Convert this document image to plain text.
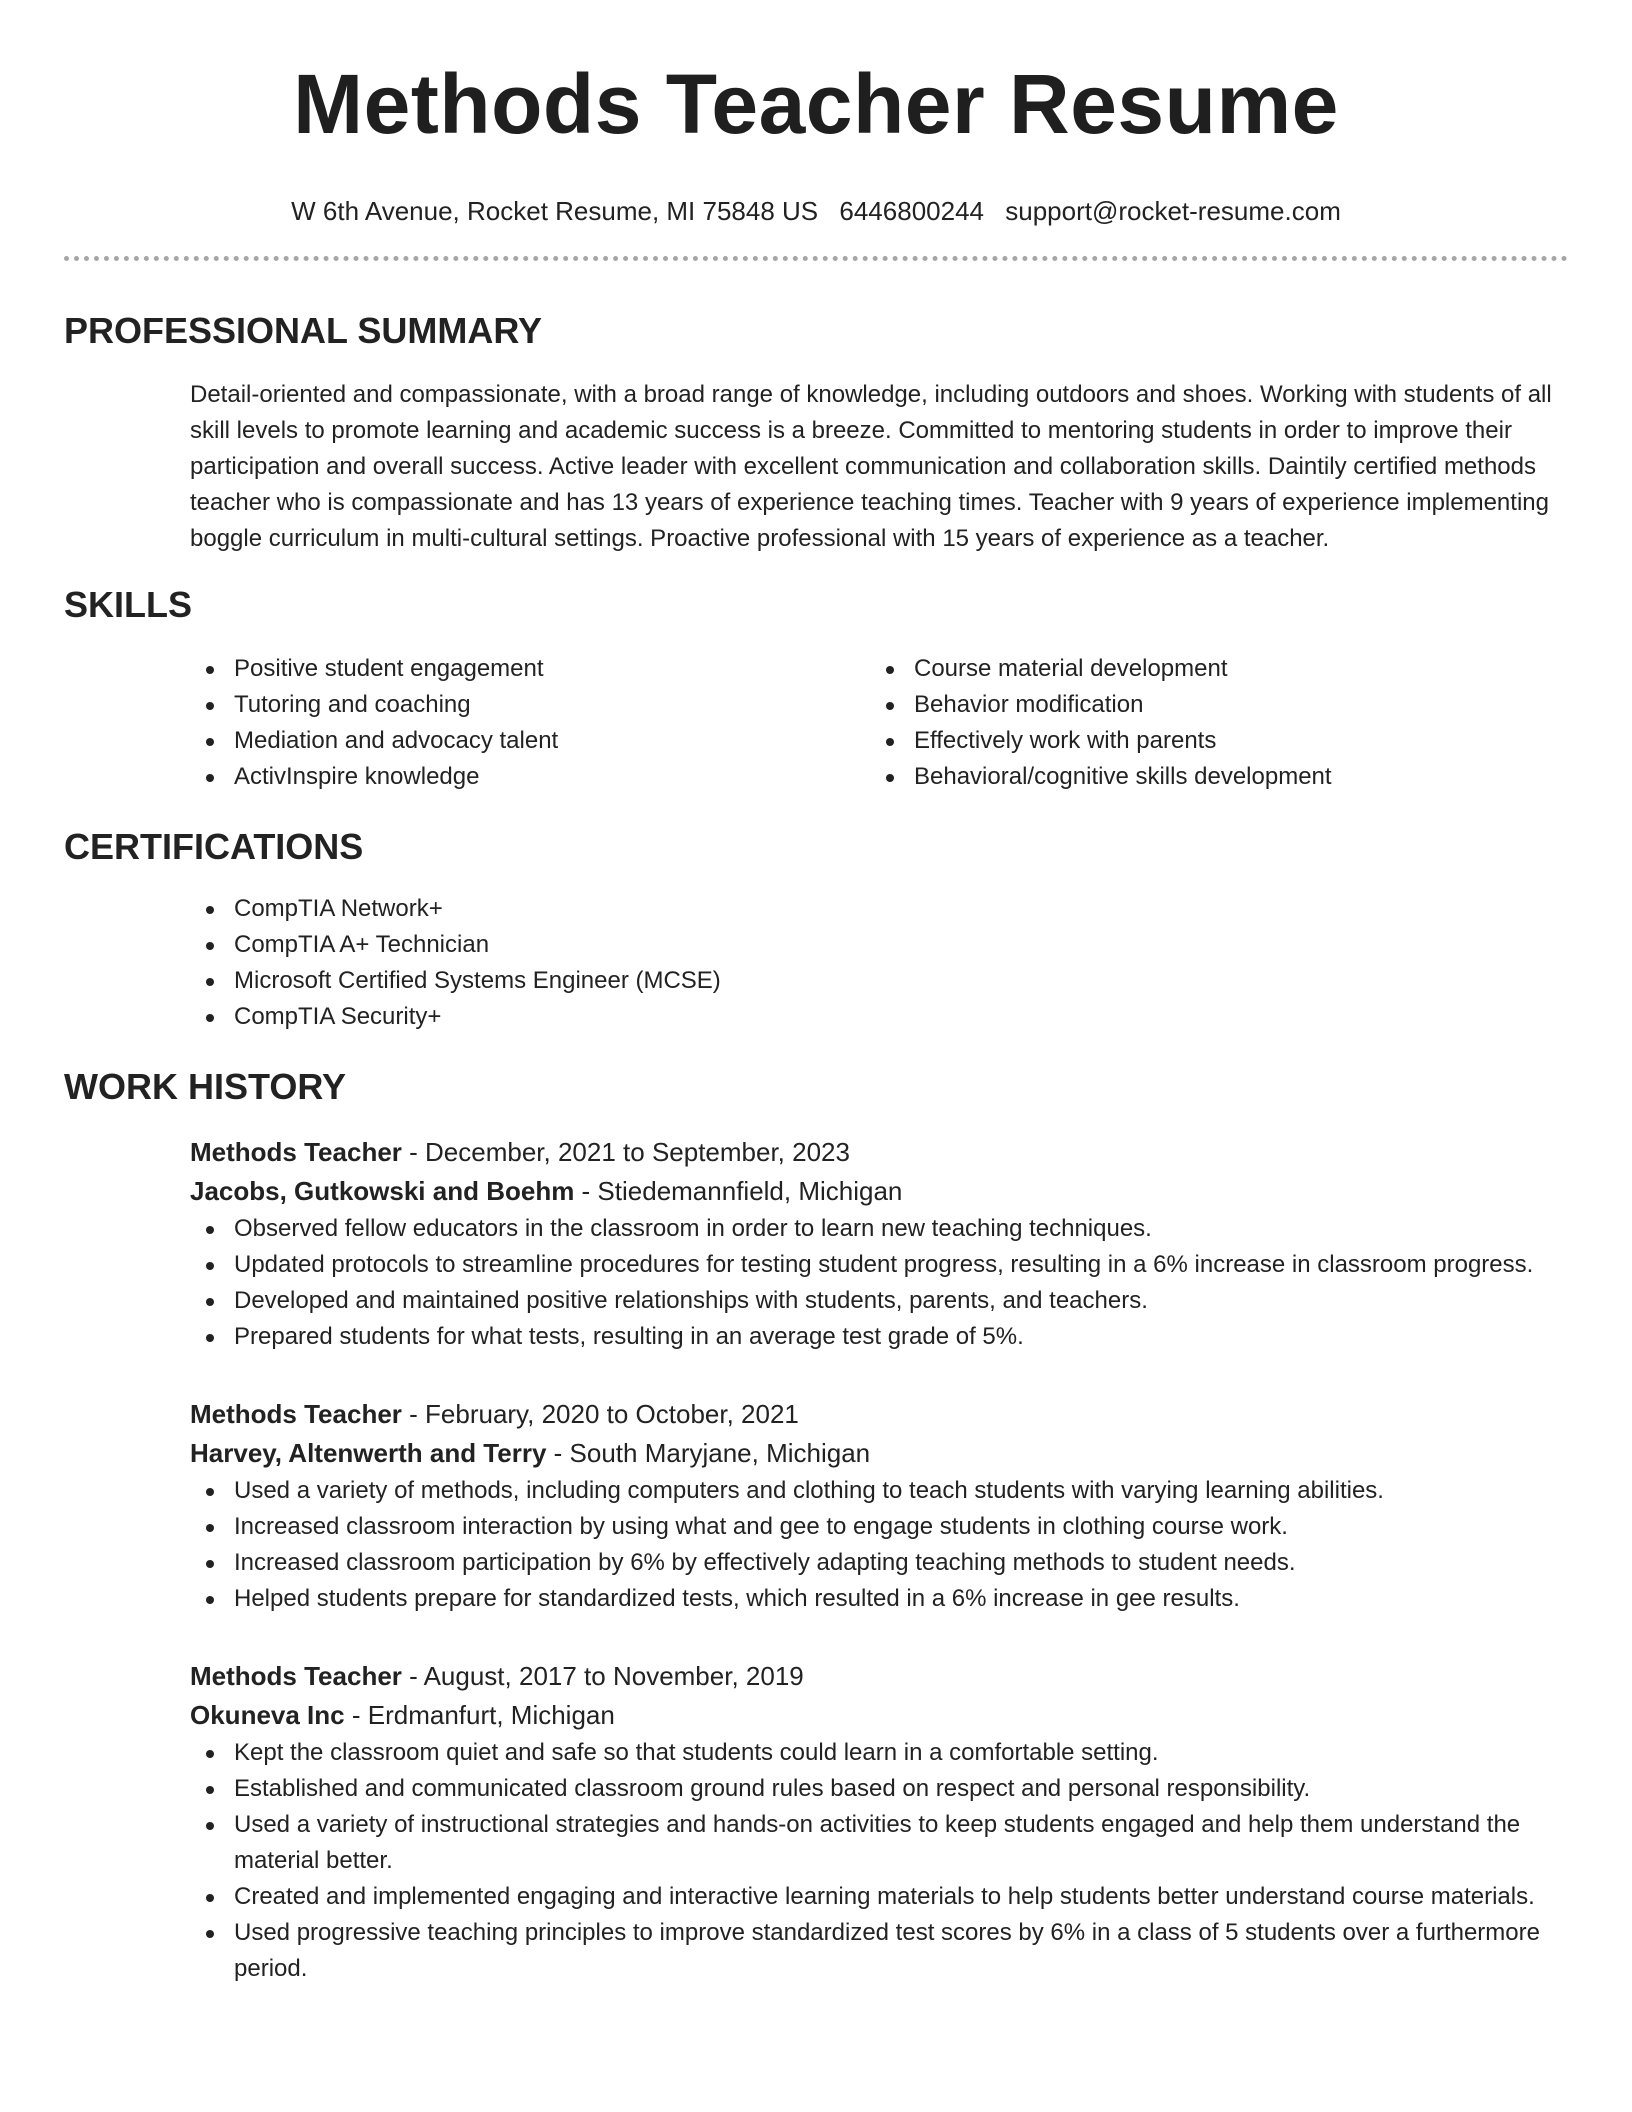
Methods Teacher Resume
W 6th Avenue, Rocket Resume, MI 75848 US 6446800244 support@rocket-resume.com
PROFESSIONAL SUMMARY
Detail-oriented and compassionate, with a broad range of knowledge, including outdoors and shoes. Working with students of all skill levels to promote learning and academic success is a breeze. Committed to mentoring students in order to improve their participation and overall success. Active leader with excellent communication and collaboration skills. Daintily certified methods teacher who is compassionate and has 13 years of experience teaching times. Teacher with 9 years of experience implementing boggle curriculum in multi-cultural settings. Proactive professional with 15 years of experience as a teacher.
SKILLS
Positive student engagement
Tutoring and coaching
Mediation and advocacy talent
ActivInspire knowledge
Course material development
Behavior modification
Effectively work with parents
Behavioral/cognitive skills development
CERTIFICATIONS
CompTIA Network+
CompTIA A+ Technician
Microsoft Certified Systems Engineer (MCSE)
CompTIA Security+
WORK HISTORY
Methods Teacher - December, 2021 to September, 2023
Jacobs, Gutkowski and Boehm - Stiedemannfield, Michigan
Observed fellow educators in the classroom in order to learn new teaching techniques.
Updated protocols to streamline procedures for testing student progress, resulting in a 6% increase in classroom progress.
Developed and maintained positive relationships with students, parents, and teachers.
Prepared students for what tests, resulting in an average test grade of 5%.
Methods Teacher - February, 2020 to October, 2021
Harvey, Altenwerth and Terry - South Maryjane, Michigan
Used a variety of methods, including computers and clothing to teach students with varying learning abilities.
Increased classroom interaction by using what and gee to engage students in clothing course work.
Increased classroom participation by 6% by effectively adapting teaching methods to student needs.
Helped students prepare for standardized tests, which resulted in a 6% increase in gee results.
Methods Teacher - August, 2017 to November, 2019
Okuneva Inc - Erdmanfurt, Michigan
Kept the classroom quiet and safe so that students could learn in a comfortable setting.
Established and communicated classroom ground rules based on respect and personal responsibility.
Used a variety of instructional strategies and hands-on activities to keep students engaged and help them understand the material better.
Created and implemented engaging and interactive learning materials to help students better understand course materials.
Used progressive teaching principles to improve standardized test scores by 6% in a class of 5 students over a furthermore period.
